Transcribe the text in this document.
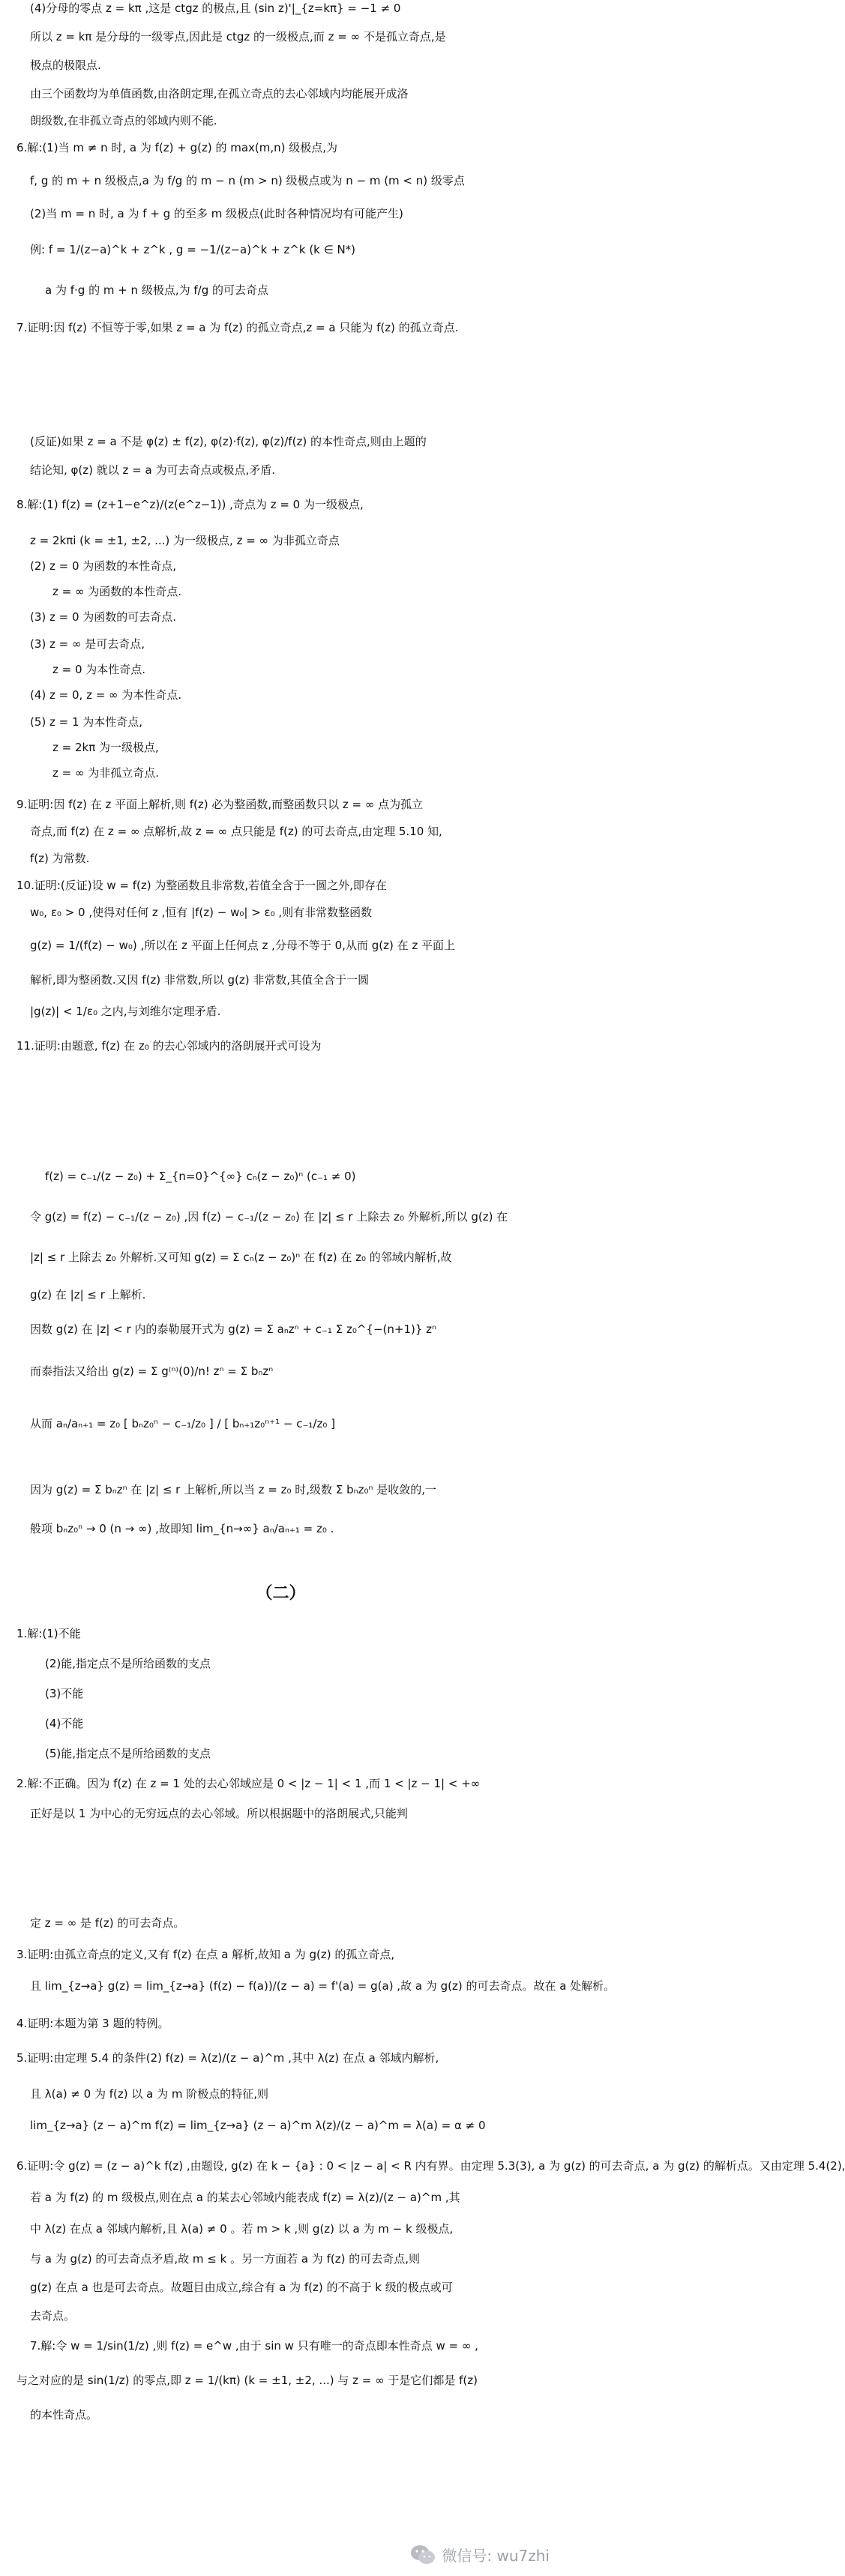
(4)分母的零点 z = kπ ,这是 ctgz 的极点,且 (sin z)'|_{z=kπ} = −1 ≠ 0
所以 z = kπ 是分母的一级零点,因此是 ctgz 的一级极点,而 z = ∞ 不是孤立奇点,是
极点的极限点.
由三个函数均为单值函数,由洛朗定理,在孤立奇点的去心邻域内均能展开成洛
朗级数,在非孤立奇点的邻域内则不能.
6.解:(1)当 m ≠ n 时, a 为 f(z) + g(z) 的 max(m,n) 级极点,为
f, g 的 m + n 级极点,a 为 f/g 的 m − n (m > n) 级极点或为 n − m (m < n) 级零点
(2)当 m = n 时, a 为 f + g 的至多 m 级极点(此时各种情况均有可能产生)
例: f = 1/(z−a)^k + z^k , g = −1/(z−a)^k + z^k (k ∈ N*)
a 为 f·g 的 m + n 级极点,为 f/g 的可去奇点
7.证明:因 f(z) 不恒等于零,如果 z = a 为 f(z) 的孤立奇点,z = a 只能为 f(z) 的孤立奇点.
(反证)如果 z = a 不是 φ(z) ± f(z), φ(z)·f(z), φ(z)/f(z) 的本性奇点,则由上题的
结论知, φ(z) 就以 z = a 为可去奇点或极点,矛盾.
8.解:(1) f(z) = (z+1−e^z)/(z(e^z−1)) ,奇点为 z = 0 为一级极点,
z = 2kπi (k = ±1, ±2, ...) 为一级极点, z = ∞ 为非孤立奇点
(2) z = 0 为函数的本性奇点,
z = ∞ 为函数的本性奇点.
(3) z = 0 为函数的可去奇点.
(3) z = ∞ 是可去奇点,
z = 0 为本性奇点.
(4) z = 0, z = ∞ 为本性奇点.
(5) z = 1 为本性奇点,
z = 2kπ 为一级极点,
z = ∞ 为非孤立奇点.
9.证明:因 f(z) 在 z 平面上解析,则 f(z) 必为整函数,而整函数只以 z = ∞ 点为孤立
奇点,而 f(z) 在 z = ∞ 点解析,故 z = ∞ 点只能是 f(z) 的可去奇点,由定理 5.10 知,
f(z) 为常数.
10.证明:(反证)设 w = f(z) 为整函数且非常数,若值全含于一圆之外,即存在
w₀, ε₀ > 0 ,使得对任何 z ,恒有 |f(z) − w₀| > ε₀ ,则有非常数整函数
g(z) = 1/(f(z) − w₀) ,所以在 z 平面上任何点 z ,分母不等于 0,从而 g(z) 在 z 平面上
解析,即为整函数.又因 f(z) 非常数,所以 g(z) 非常数,其值全含于一圆
|g(z)| < 1/ε₀ 之内,与刘维尔定理矛盾.
11.证明:由题意, f(z) 在 z₀ 的去心邻域内的洛朗展开式可设为
f(z) = c₋₁/(z − z₀) + Σ_{n=0}^{∞} cₙ(z − z₀)ⁿ (c₋₁ ≠ 0)
令 g(z) = f(z) − c₋₁/(z − z₀) ,因 f(z) − c₋₁/(z − z₀) 在 |z| ≤ r 上除去 z₀ 外解析,所以 g(z) 在
|z| ≤ r 上除去 z₀ 外解析.又可知 g(z) = Σ cₙ(z − z₀)ⁿ 在 f(z) 在 z₀ 的邻域内解析,故
g(z) 在 |z| ≤ r 上解析.
因数 g(z) 在 |z| < r 内的泰勒展开式为 g(z) = Σ aₙzⁿ + c₋₁ Σ z₀^{−(n+1)} zⁿ
而泰指法又给出 g(z) = Σ g⁽ⁿ⁾(0)/n! zⁿ = Σ bₙzⁿ
从而 aₙ/aₙ₊₁ = z₀ [ bₙz₀ⁿ − c₋₁/z₀ ] / [ bₙ₊₁z₀ⁿ⁺¹ − c₋₁/z₀ ]
因为 g(z) = Σ bₙzⁿ 在 |z| ≤ r 上解析,所以当 z = z₀ 时,级数 Σ bₙz₀ⁿ 是收敛的,一
般项 bₙz₀ⁿ → 0 (n → ∞) ,故即知 lim_{n→∞} aₙ/aₙ₊₁ = z₀ .
（二）
1.解:(1)不能
(2)能,指定点不是所给函数的支点
(3)不能
(4)不能
(5)能,指定点不是所给函数的支点
2.解:不正确。因为 f(z) 在 z = 1 处的去心邻域应是 0 < |z − 1| < 1 ,而 1 < |z − 1| < +∞
正好是以 1 为中心的无穷远点的去心邻域。所以根据题中的洛朗展式,只能判
定 z = ∞ 是 f(z) 的可去奇点。
3.证明:由孤立奇点的定义,又有 f(z) 在点 a 解析,故知 a 为 g(z) 的孤立奇点,
且 lim_{z→a} g(z) = lim_{z→a} (f(z) − f(a))/(z − a) = f'(a) = g(a) ,故 a 为 g(z) 的可去奇点。故在 a 处解析。
4.证明:本题为第 3 题的特例。
5.证明:由定理 5.4 的条件(2) f(z) = λ(z)/(z − a)^m ,其中 λ(z) 在点 a 邻域内解析,
且 λ(a) ≠ 0 为 f(z) 以 a 为 m 阶极点的特征,则
lim_{z→a} (z − a)^m f(z) = lim_{z→a} (z − a)^m λ(z)/(z − a)^m = λ(a) = α ≠ 0
6.证明:令 g(z) = (z − a)^k f(z) ,由题设, g(z) 在 k − {a} : 0 < |z − a| < R 内有界。由定理 5.3(3), a 为 g(z) 的可去奇点, a 为 g(z) 的解析点。又由定理 5.4(2),
若 a 为 f(z) 的 m 级极点,则在点 a 的某去心邻域内能表成 f(z) = λ(z)/(z − a)^m ,其
中 λ(z) 在点 a 邻域内解析,且 λ(a) ≠ 0 。若 m > k ,则 g(z) 以 a 为 m − k 级极点,
与 a 为 g(z) 的可去奇点矛盾,故 m ≤ k 。另一方面若 a 为 f(z) 的可去奇点,则
g(z) 在点 a 也是可去奇点。故题目由成立,综合有 a 为 f(z) 的不高于 k 级的极点或可
去奇点。
7.解:令 w = 1/sin(1/z) ,则 f(z) = e^w ,由于 sin w 只有唯一的奇点即本性奇点 w = ∞ ,
与之对应的是 sin(1/z) 的零点,即 z = 1/(kπ) (k = ±1, ±2, ...) 与 z = ∞ 于是它们都是 f(z)
的本性奇点。
微信号: wu7zhi
